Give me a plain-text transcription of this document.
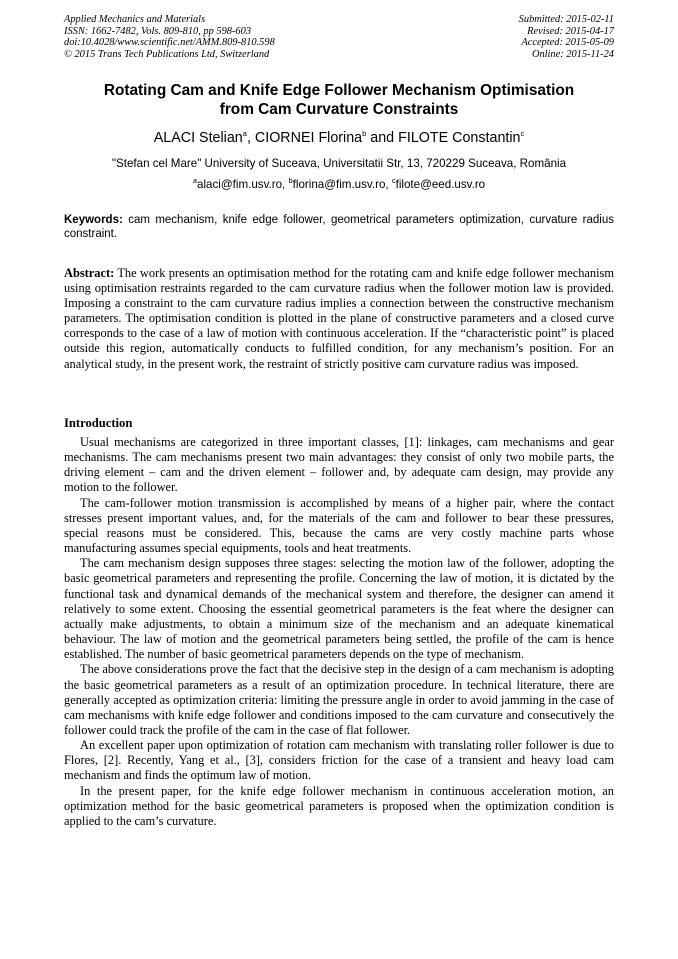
Applied Mechanics and Materials
ISSN: 1662-7482, Vols. 809-810, pp 598-603
doi:10.4028/www.scientific.net/AMM.809-810.598
© 2015 Trans Tech Publications Ltd, Switzerland
Submitted: 2015-02-11
Revised: 2015-04-17
Accepted: 2015-05-09
Online: 2015-11-24
Rotating Cam and Knife Edge Follower Mechanism Optimisation
from Cam Curvature Constraints
ALACI Stelian$^a$, CIORNEI Florina$^b$ and FILOTE Constantin$^c$
"Stefan cel Mare" University of Suceava, Universitatii Str, 13, 720229 Suceava, România
$^a$alaci@fim.usv.ro, $^b$florina@fim.usv.ro, $^c$filote@eed.usv.ro
Keywords: cam mechanism, knife edge follower, geometrical parameters optimization, curvature radius constraint.
Abstract: The work presents an optimisation method for the rotating cam and knife edge follower mechanism using optimisation restraints regarded to the cam curvature radius when the follower motion law is provided. Imposing a constraint to the cam curvature radius implies a connection between the constructive mechanism parameters. The optimisation condition is plotted in the plane of constructive parameters and a closed curve corresponds to the case of a law of motion with continuous acceleration. If the “characteristic point” is placed outside this region, automatically conducts to fulfilled condition, for any mechanism’s position. For an analytical study, in the present work, the restraint of strictly positive cam curvature radius was imposed.
Introduction

Usual mechanisms are categorized in three important classes, [1]: linkages, cam mechanisms and gear mechanisms. The cam mechanisms present two main advantages: they consist of only two mobile parts, the driving element – cam and the driven element – follower and, by adequate cam design, may provide any motion to the follower.

The cam-follower motion transmission is accomplished by means of a higher pair, where the contact stresses present important values, and, for the materials of the cam and follower to bear these pressures, special reasons must be considered. This, because the cams are very costly machine parts whose manufacturing assumes special equipments, tools and heat treatments.

The cam mechanism design supposes three stages: selecting the motion law of the follower, adopting the basic geometrical parameters and representing the profile. Concerning the law of motion, it is dictated by the functional task and dynamical demands of the mechanical system and therefore, the designer can amend it relatively to some extent. Choosing the essential geometrical parameters is the feat where the designer can actually make adjustments, to obtain a minimum size of the mechanism and an adequate kinematical behaviour. The law of motion and the geometrical parameters being settled, the profile of the cam is hence established. The number of basic geometrical parameters depends on the type of mechanism.

The above considerations prove the fact that the decisive step in the design of a cam mechanism is adopting the basic geometrical parameters as a result of an optimization procedure. In technical literature, there are generally accepted as optimization criteria: limiting the pressure angle in order to avoid jamming in the case of cam mechanisms with knife edge follower and conditions imposed to the cam curvature and consecutively the follower could track the profile of the cam in the case of flat follower.

An excellent paper upon optimization of rotation cam mechanism with translating roller follower is due to Flores, [2]. Recently, Yang et al., [3], considers friction for the case of a transient and heavy load cam mechanism and finds the optimum law of motion.

In the present paper, for the knife edge follower mechanism in continuous acceleration motion, an optimization method for the basic geometrical parameters is proposed when the optimization condition is applied to the cam’s curvature.
